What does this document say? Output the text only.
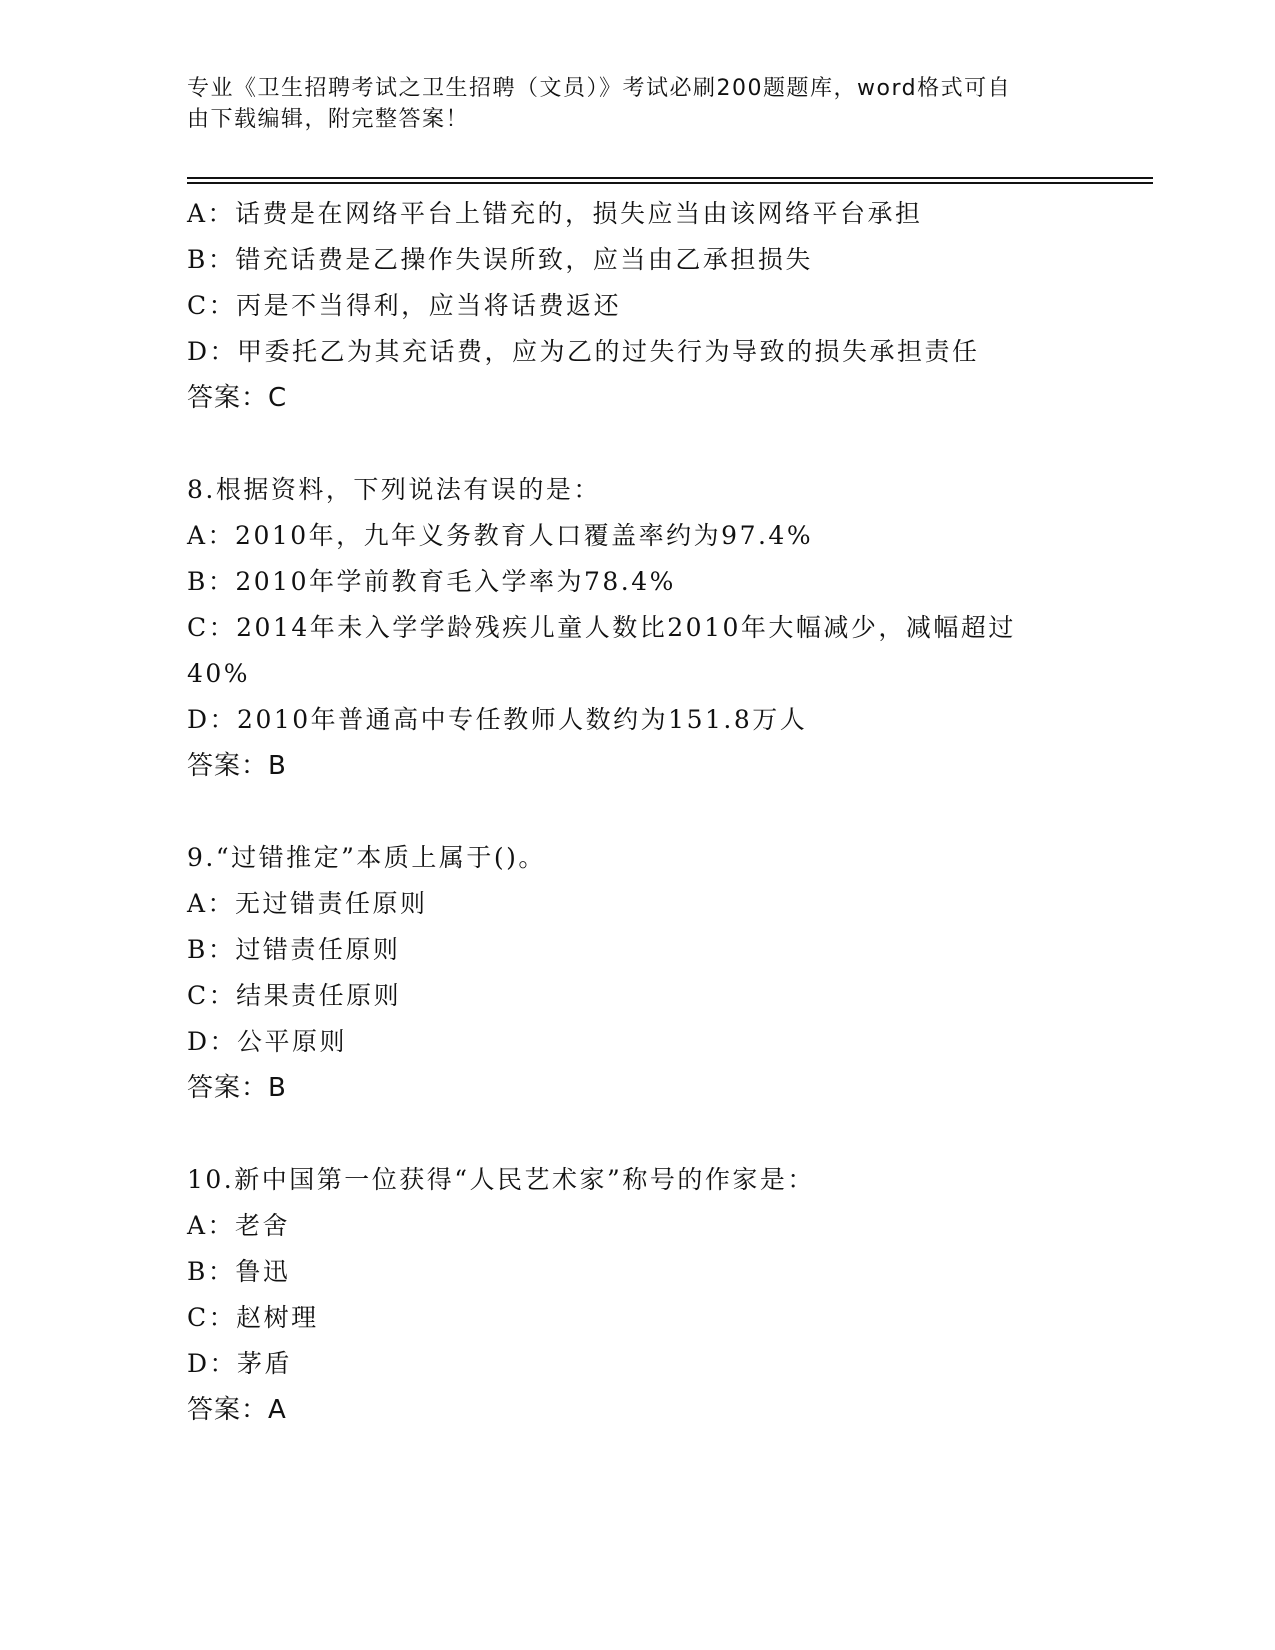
专业《卫生招聘考试之卫生招聘（文员）》考试必刷200题题库，word格式可自
由下载编辑，附完整答案！
A：话费是在网络平台上错充的，损失应当由该网络平台承担
B：错充话费是乙操作失误所致，应当由乙承担损失
C：丙是不当得利，应当将话费返还
D：甲委托乙为其充话费，应为乙的过失行为导致的损失承担责任
答案：C
8.根据资料，下列说法有误的是：
A：2010年，九年义务教育人口覆盖率约为97.4%
B：2010年学前教育毛入学率为78.4%
C：2014年未入学学龄残疾儿童人数比2010年大幅减少，减幅超过
40%
D：2010年普通高中专任教师人数约为151.8万人
答案：B
9.“过错推定”本质上属于()。
A：无过错责任原则
B：过错责任原则
C：结果责任原则
D：公平原则
答案：B
10.新中国第一位获得“人民艺术家”称号的作家是：
A：老舍
B：鲁迅
C：赵树理
D：茅盾
答案：A
